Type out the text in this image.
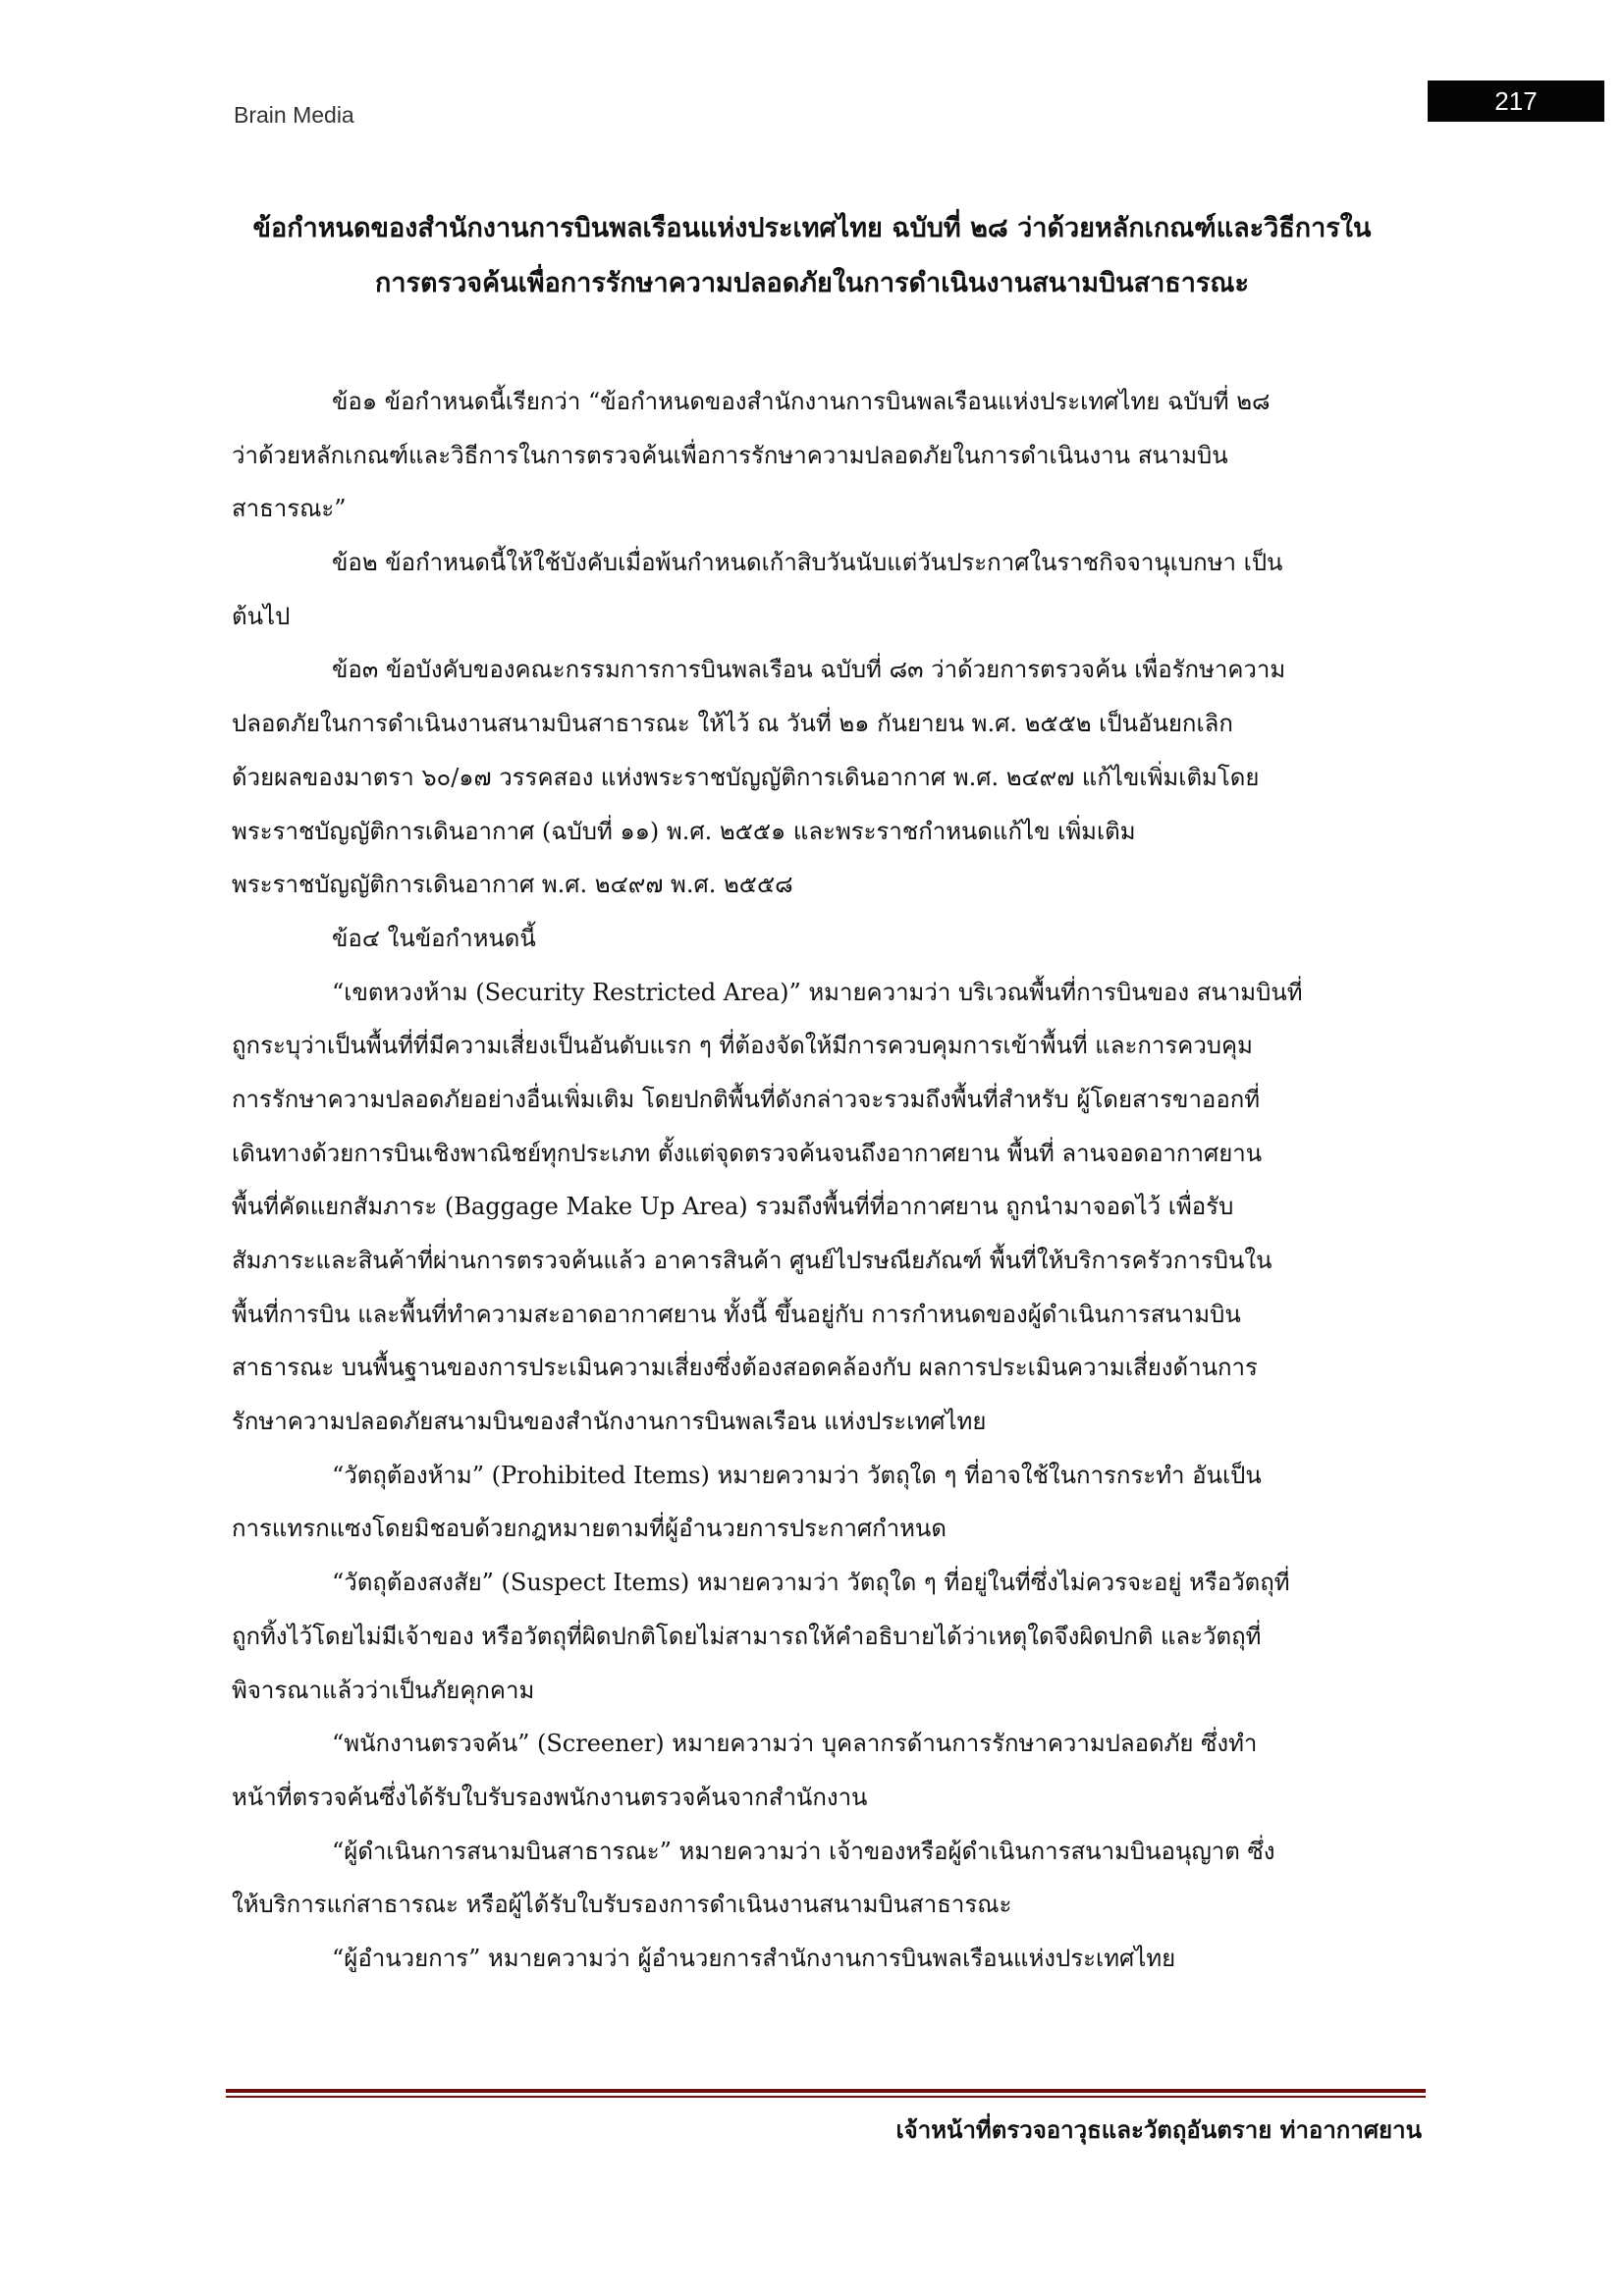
Brain Media	217
ข้อกำหนดของสำนักงานการบินพลเรือนแห่งประเทศไทย ฉบับที่ ๒๘ ว่าด้วยหลักเกณฑ์และวิธีการใน
การตรวจค้นเพื่อการรักษาความปลอดภัยในการดำเนินงานสนามบินสาธารณะ
ข้อ๑ ข้อกำหนดนี้เรียกว่า “ข้อกำหนดของสำนักงานการบินพลเรือนแห่งประเทศไทย ฉบับที่ ๒๘
ว่าด้วยหลักเกณฑ์และวิธีการในการตรวจค้นเพื่อการรักษาความปลอดภัยในการดำเนินงาน สนามบิน
สาธารณะ”
ข้อ๒ ข้อกำหนดนี้ให้ใช้บังคับเมื่อพ้นกำหนดเก้าสิบวันนับแต่วันประกาศในราชกิจจานุเบกษา เป็น
ต้นไป
ข้อ๓ ข้อบังคับของคณะกรรมการการบินพลเรือน ฉบับที่ ๘๓ ว่าด้วยการตรวจค้น เพื่อรักษาความ
ปลอดภัยในการดำเนินงานสนามบินสาธารณะ ให้ไว้ ณ วันที่ ๒๑ กันยายน พ.ศ. ๒๕๕๒ เป็นอันยกเลิก
ด้วยผลของมาตรา ๖๐/๑๗ วรรคสอง แห่งพระราชบัญญัติการเดินอากาศ พ.ศ. ๒๔๙๗ แก้ไขเพิ่มเติมโดย
พระราชบัญญัติการเดินอากาศ (ฉบับที่ ๑๑) พ.ศ. ๒๕๕๑ และพระราชกำหนดแก้ไข เพิ่มเติม
พระราชบัญญัติการเดินอากาศ พ.ศ. ๒๔๙๗ พ.ศ. ๒๕๕๘
ข้อ๔ ในข้อกำหนดนี้
“เขตหวงห้าม (Security Restricted Area)” หมายความว่า บริเวณพื้นที่การบินของ สนามบินที่
ถูกระบุว่าเป็นพื้นที่ที่มีความเสี่ยงเป็นอันดับแรก ๆ ที่ต้องจัดให้มีการควบคุมการเข้าพื้นที่ และการควบคุม
การรักษาความปลอดภัยอย่างอื่นเพิ่มเติม โดยปกติพื้นที่ดังกล่าวจะรวมถึงพื้นที่สำหรับ ผู้โดยสารขาออกที่
เดินทางด้วยการบินเชิงพาณิชย์ทุกประเภท ตั้งแต่จุดตรวจค้นจนถึงอากาศยาน พื้นที่ ลานจอดอากาศยาน
พื้นที่คัดแยกสัมภาระ (Baggage Make Up Area) รวมถึงพื้นที่ที่อากาศยาน ถูกนำมาจอดไว้ เพื่อรับ
สัมภาระและสินค้าที่ผ่านการตรวจค้นแล้ว อาคารสินค้า ศูนย์ไปรษณียภัณฑ์ พื้นที่ให้บริการครัวการบินใน
พื้นที่การบิน และพื้นที่ทำความสะอาดอากาศยาน ทั้งนี้ ขึ้นอยู่กับ การกำหนดของผู้ดำเนินการสนามบิน
สาธารณะ บนพื้นฐานของการประเมินความเสี่ยงซึ่งต้องสอดคล้องกับ ผลการประเมินความเสี่ยงด้านการ
รักษาความปลอดภัยสนามบินของสำนักงานการบินพลเรือน แห่งประเทศไทย
“วัตถุต้องห้าม” (Prohibited Items) หมายความว่า วัตถุใด ๆ ที่อาจใช้ในการกระทำ อันเป็น
การแทรกแซงโดยมิชอบด้วยกฎหมายตามที่ผู้อำนวยการประกาศกำหนด
“วัตถุต้องสงสัย” (Suspect Items) หมายความว่า วัตถุใด ๆ ที่อยู่ในที่ซึ่งไม่ควรจะอยู่ หรือวัตถุที่
ถูกทิ้งไว้โดยไม่มีเจ้าของ หรือวัตถุที่ผิดปกติโดยไม่สามารถให้คำอธิบายได้ว่าเหตุใดจึงผิดปกติ และวัตถุที่
พิจารณาแล้วว่าเป็นภัยคุกคาม
“พนักงานตรวจค้น” (Screener) หมายความว่า บุคลากรด้านการรักษาความปลอดภัย ซึ่งทำ
หน้าที่ตรวจค้นซึ่งได้รับใบรับรองพนักงานตรวจค้นจากสำนักงาน
“ผู้ดำเนินการสนามบินสาธารณะ” หมายความว่า เจ้าของหรือผู้ดำเนินการสนามบินอนุญาต ซึ่ง
ให้บริการแก่สาธารณะ หรือผู้ได้รับใบรับรองการดำเนินงานสนามบินสาธารณะ
“ผู้อำนวยการ” หมายความว่า ผู้อำนวยการสำนักงานการบินพลเรือนแห่งประเทศไทย
เจ้าหน้าที่ตรวจอาวุธและวัตถุอันตราย ท่าอากาศยาน
